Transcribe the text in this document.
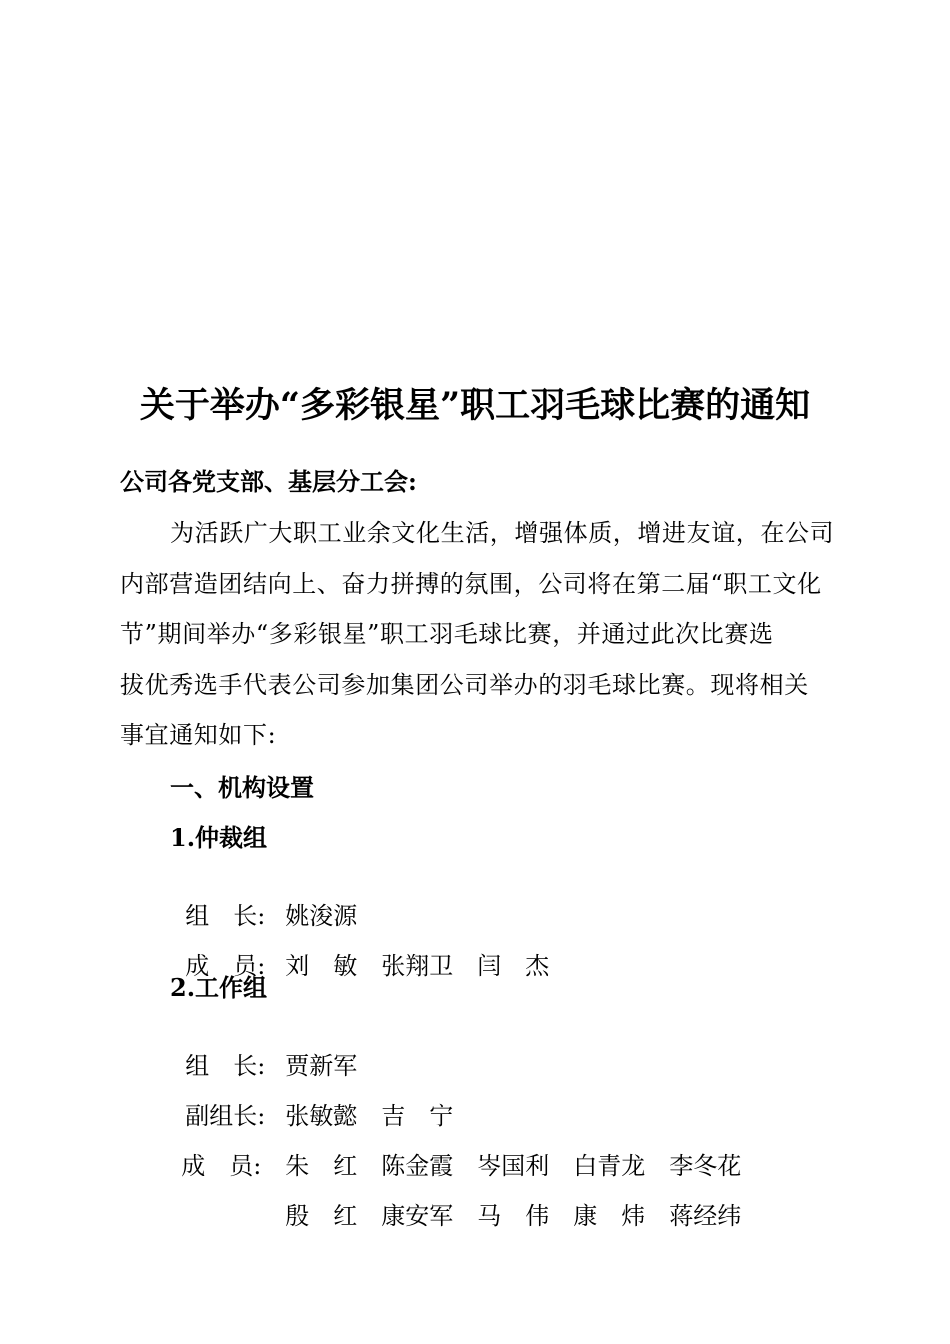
关于举办“多彩银星”职工羽毛球比赛的通知
公司各党支部、基层分工会:
为活跃广大职工业余文化生活，增强体质，增进友谊，在公司
内部营造团结向上、奋力拼搏的氛围，公司将在第二届“职工文化
节”期间举办“多彩银星”职工羽毛球比赛，并通过此次比赛选
拔优秀选手代表公司参加集团公司举办的羽毛球比赛。现将相关
事宜通知如下:
一、机构设置
1.仲裁组

组　长: 姚浚源

成　员: 刘　敏　张翔卫　闫　杰

2.工作组

组　长: 贾新军

副组长: 张敏懿　吉　宁

成　员: 朱　红　陈金霞　岑国利　白青龙　李冬花

殷　红　康安军　马　伟　康　炜　蒋经纬
